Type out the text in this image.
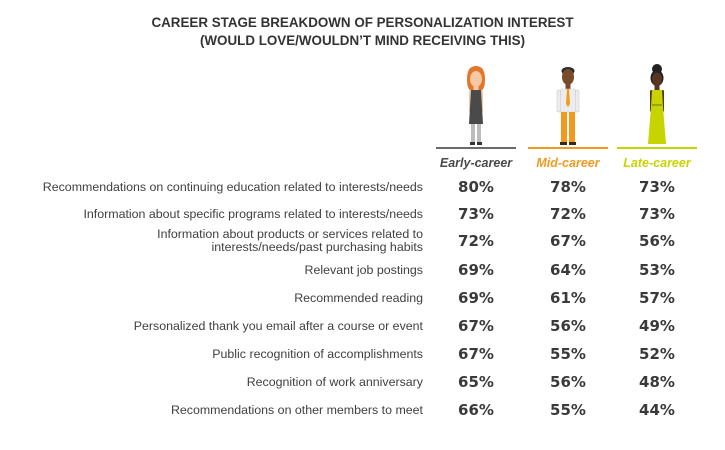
CAREER STAGE BREAKDOWN OF PERSONALIZATION INTEREST
(WOULD LOVE/WOULDN’T MIND RECEIVING THIS)
Early-career	Mid-career	Late-career
Recommendations on continuing education related to interests/needs	80%	78%	73%
Information about specific programs related to interests/needs	73%	72%	73%
Information about products or services related to
interests/needs/past purchasing habits	72%	67%	56%
Relevant job postings	69%	64%	53%
Recommended reading	69%	61%	57%
Personalized thank you email after a course or event	67%	56%	49%
Public recognition of accomplishments	67%	55%	52%
Recognition of work anniversary	65%	56%	48%
Recommendations on other members to meet	66%	55%	44%
